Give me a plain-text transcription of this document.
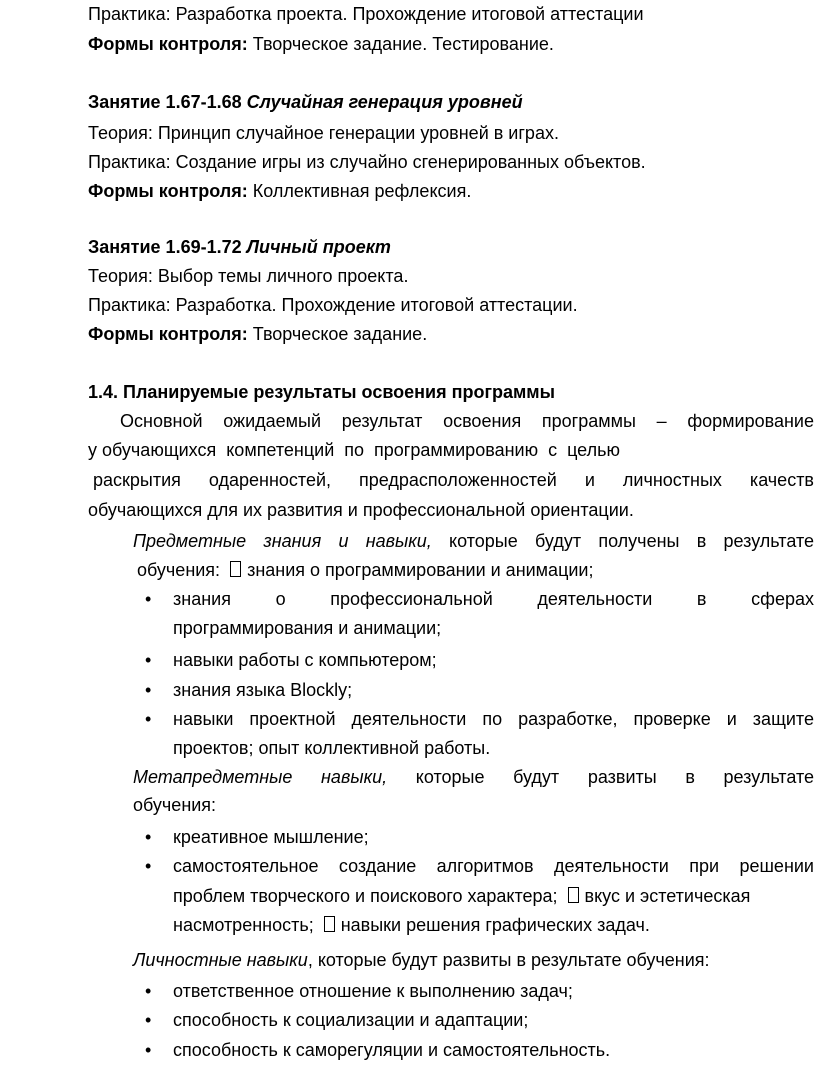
Практика: Разработка проекта. Прохождение итоговой аттестации
Формы контроля: Творческое задание. Тестирование.
Занятие 1.67-1.68 Случайная генерация уровней
Теория: Принцип случайное генерации уровней в играх.
Практика: Создание игры из случайно сгенерированных объектов.
Формы контроля: Коллективная рефлексия.
Занятие 1.69-1.72 Личный проект
Теория: Выбор темы личного проекта.
Практика: Разработка. Прохождение итоговой аттестации.
Формы контроля: Творческое задание.
1.4. Планируемые результаты освоения программы
Основной ожидаемый результат освоения программы – формирование
у обучающихся  компетенций  по  программированию  с  целью
раскрытия одаренностей, предрасположенностей и личностных качеств
обучающихся для их развития и профессиональной ориентации.
Предметные знания и навыки, которые будут получены в результате
обучения: знания о программировании и анимации;
• знания о профессиональной деятельности в сферах
программирования и анимации;
• навыки работы с компьютером;
• знания языка Blockly;
• навыки проектной деятельности по разработке, проверке и защите
проектов; опыт коллективной работы.
Метапредметные навыки, которые будут развиты в результате
обучения:
• креативное мышление;
• самостоятельное создание алгоритмов деятельности при решении
проблем творческого и поискового характера; вкус и эстетическая
насмотренность; навыки решения графических задач.
Личностные навыки, которые будут развиты в результате обучения:
• ответственное отношение к выполнению задач;
• способность к социализации и адаптации;
• способность к саморегуляции и самостоятельность.
